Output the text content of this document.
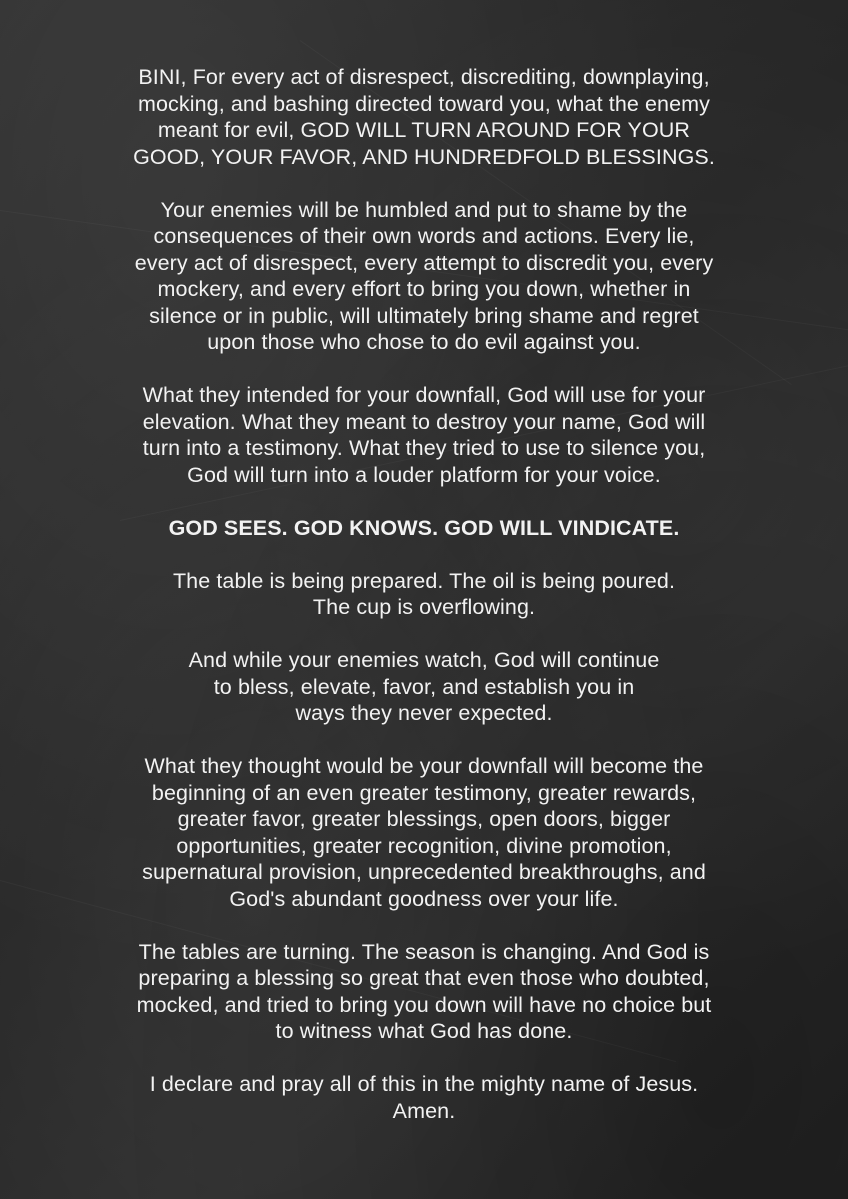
BINI, For every act of disrespect, discrediting, downplaying,
mocking, and bashing directed toward you, what the enemy
meant for evil, GOD WILL TURN AROUND FOR YOUR
GOOD, YOUR FAVOR, AND HUNDREDFOLD BLESSINGS.
Your enemies will be humbled and put to shame by the
consequences of their own words and actions. Every lie,
every act of disrespect, every attempt to discredit you, every
mockery, and every effort to bring you down, whether in
silence or in public, will ultimately bring shame and regret
upon those who chose to do evil against you.
What they intended for your downfall, God will use for your
elevation. What they meant to destroy your name, God will
turn into a testimony. What they tried to use to silence you,
God will turn into a louder platform for your voice.
GOD SEES. GOD KNOWS. GOD WILL VINDICATE.
The table is being prepared. The oil is being poured.
The cup is overflowing.
And while your enemies watch, God will continue
to bless, elevate, favor, and establish you in
ways they never expected.
What they thought would be your downfall will become the
beginning of an even greater testimony, greater rewards,
greater favor, greater blessings, open doors, bigger
opportunities, greater recognition, divine promotion,
supernatural provision, unprecedented breakthroughs, and
God's abundant goodness over your life.
The tables are turning. The season is changing. And God is
preparing a blessing so great that even those who doubted,
mocked, and tried to bring you down will have no choice but
to witness what God has done.
I declare and pray all of this in the mighty name of Jesus.
Amen.
